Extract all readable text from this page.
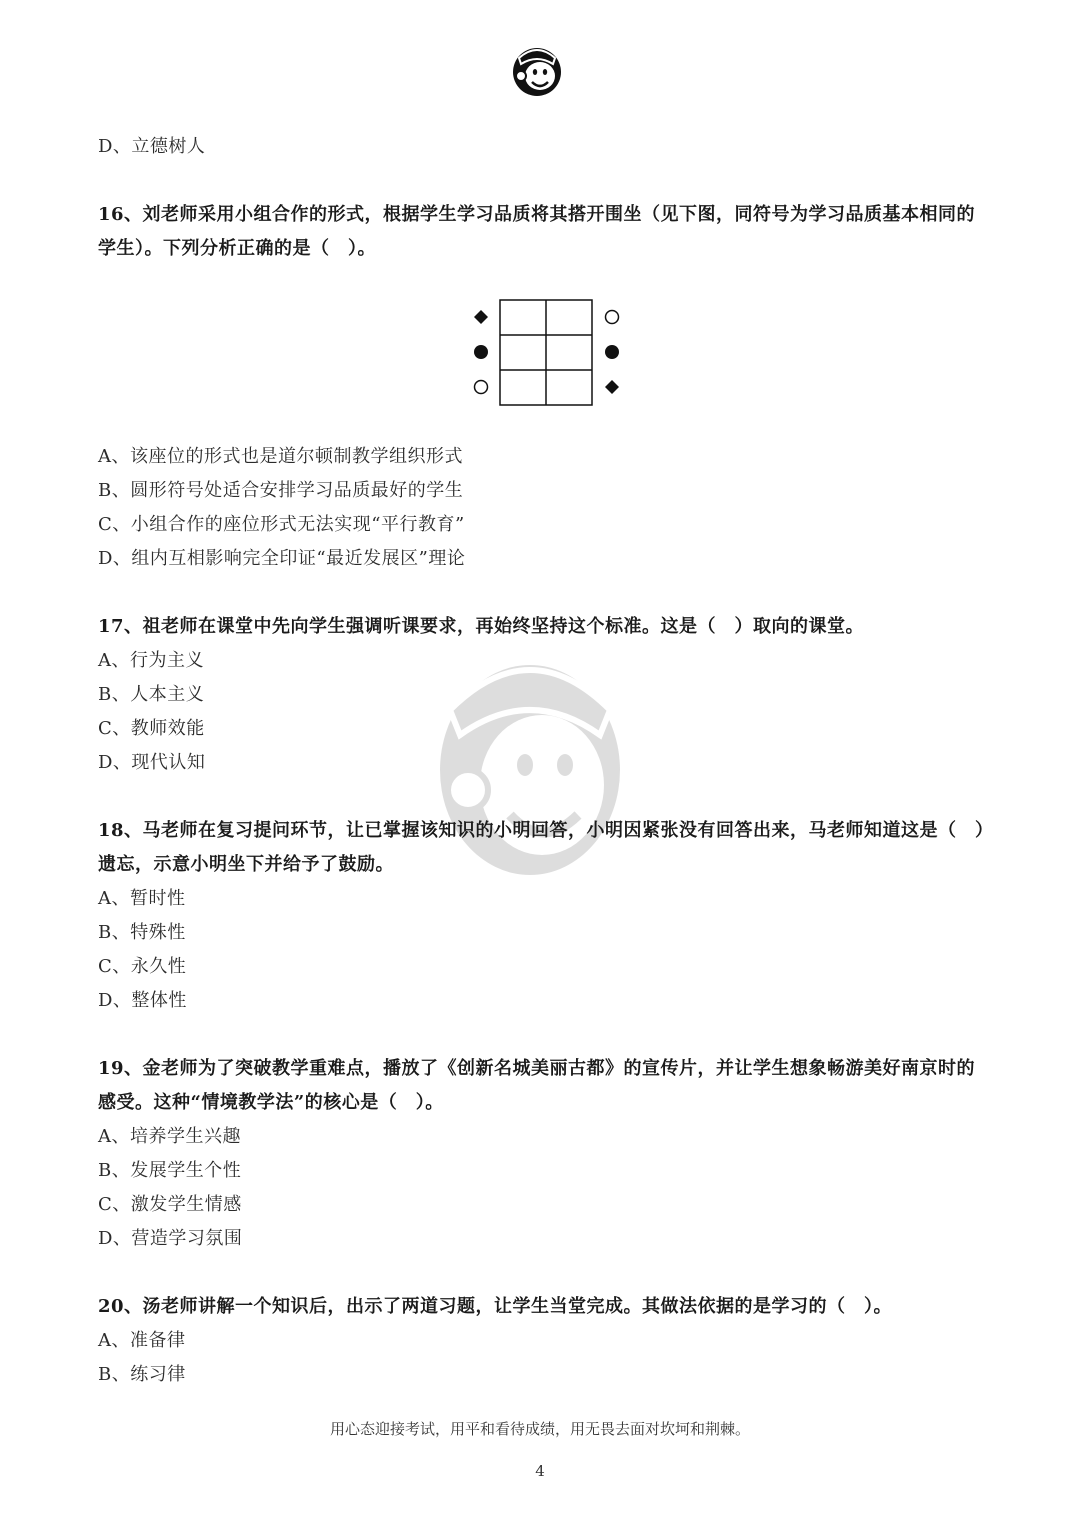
D、立德树人
16、刘老师采用小组合作的形式，根据学生学习品质将其搭开围坐（见下图，同符号为学习品质基本相同的学生）。下列分析正确的是（　）。
A、该座位的形式也是道尔顿制教学组织形式
B、圆形符号处适合安排学习品质最好的学生
C、小组合作的座位形式无法实现“平行教育”
D、组内互相影响完全印证“最近发展区”理论
17、祖老师在课堂中先向学生强调听课要求，再始终坚持这个标准。这是（　）取向的课堂。
A、行为主义
B、人本主义
C、教师效能
D、现代认知
18、马老师在复习提问环节，让已掌握该知识的小明回答，小明因紧张没有回答出来，马老师知道这是（　）遗忘，示意小明坐下并给予了鼓励。
A、暂时性
B、特殊性
C、永久性
D、整体性
19、金老师为了突破教学重难点，播放了《创新名城美丽古都》的宣传片，并让学生想象畅游美好南京时的感受。这种“情境教学法”的核心是（　）。
A、培养学生兴趣
B、发展学生个性
C、激发学生情感
D、营造学习氛围
20、汤老师讲解一个知识后，出示了两道习题，让学生当堂完成。其做法依据的是学习的（　）。
A、准备律
B、练习律
用心态迎接考试，用平和看待成绩，用无畏去面对坎坷和荆棘。
4
